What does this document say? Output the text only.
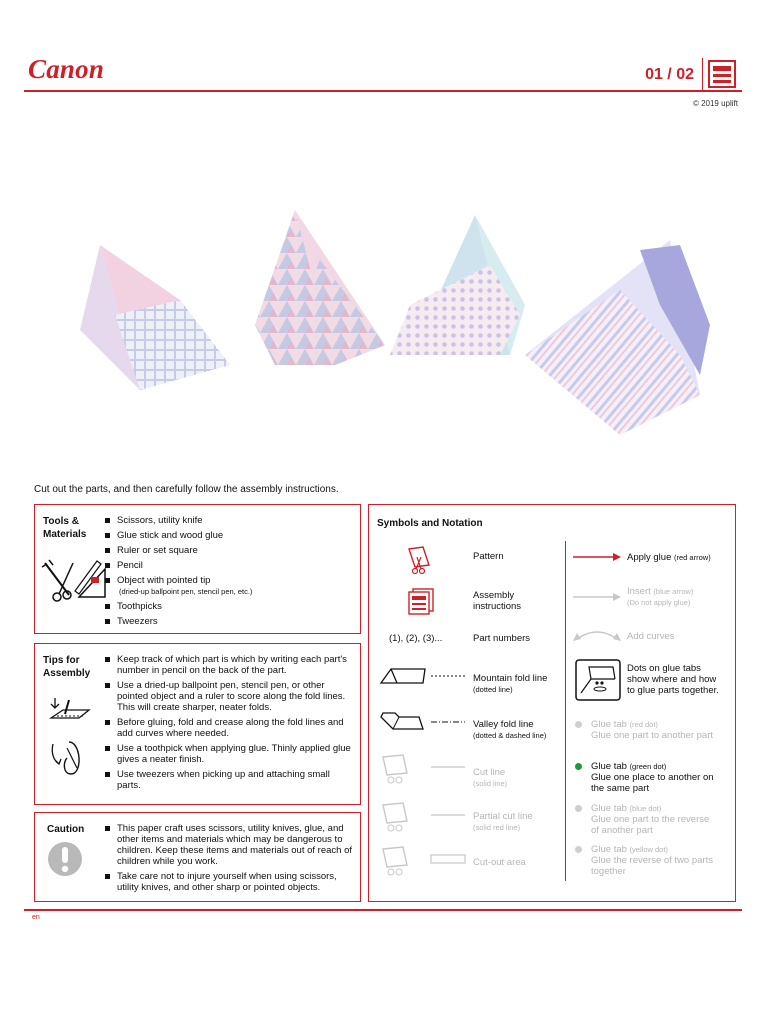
Canon	01 / 02
© 2019 uplift
Cut out the parts, and then carefully follow the assembly instructions.
Tools &
Materials
Scissors, utility knife
Glue stick and wood glue
Ruler or set square
Pencil
Object with pointed tip
(dried-up ballpoint pen, stencil pen, etc.)
Toothpicks
Tweezers
Tips for
Assembly
Keep track of which part is which by writing each part's number in pencil on the back of the part.
Use a dried-up ballpoint pen, stencil pen, or other pointed object and a ruler to score along the fold lines. This will create sharper, neater folds.
Before gluing, fold and crease along the fold lines and add curves where needed.
Use a toothpick when applying glue. Thinly applied glue gives a neater finish.
Use tweezers when picking up and attaching small parts.
Caution	This paper craft uses scissors, utility knives, glue, and other items and materials which may be dangerous to children. Keep these items and materials out of reach of children while you work.
Take care not to injure yourself when using scissors, utility knives, and other sharp or pointed objects.
Symbols and Notation
Pattern
Assembly
instructions
(1), (2), (3)...	Part numbers
Mountain fold line
(dotted line)
Valley fold line
(dotted & dashed line)
Cut line
(solid line)
Partial cut line
(solid red line)
Cut-out area
Apply glue (red arrow)
Insert (blue arrow)
(Do not apply glue)
Add curves
Dots on glue tabs
show where and how
to glue parts together.
Glue tab (red dot)
Glue one part to another part
Glue tab (green dot)
Glue one place to another on
the same part
Glue tab (blue dot)
Glue one part to the reverse
of another part
Glue tab (yellow dot)
Glue the reverse of two parts
together
en
